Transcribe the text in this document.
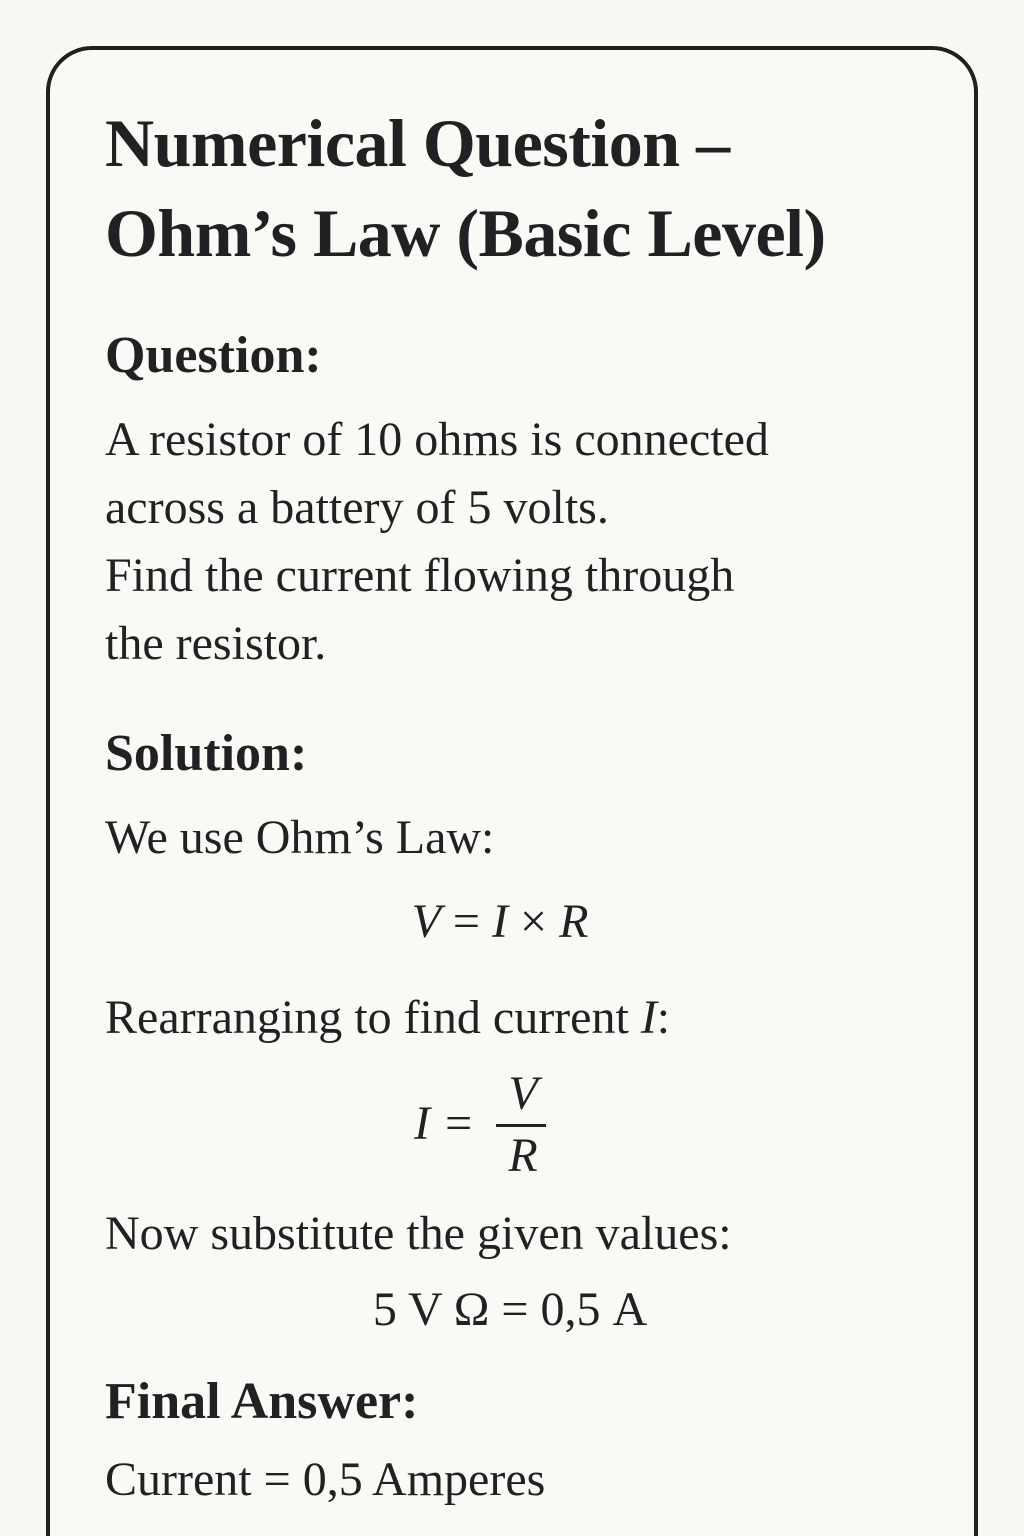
Numerical Question –
Ohm’s Law (Basic Level)
Question:

A resistor of 10 ohms is connected
across a battery of 5 volts.
Find the current flowing through
the resistor.

Solution:

We use Ohm’s Law:

V = I × R

Rearranging to find current I:

I =
V
R

Now substitute the given values:

5 V Ω = 0,5 A
Final Answer:

Current = 0,5 Amperes
